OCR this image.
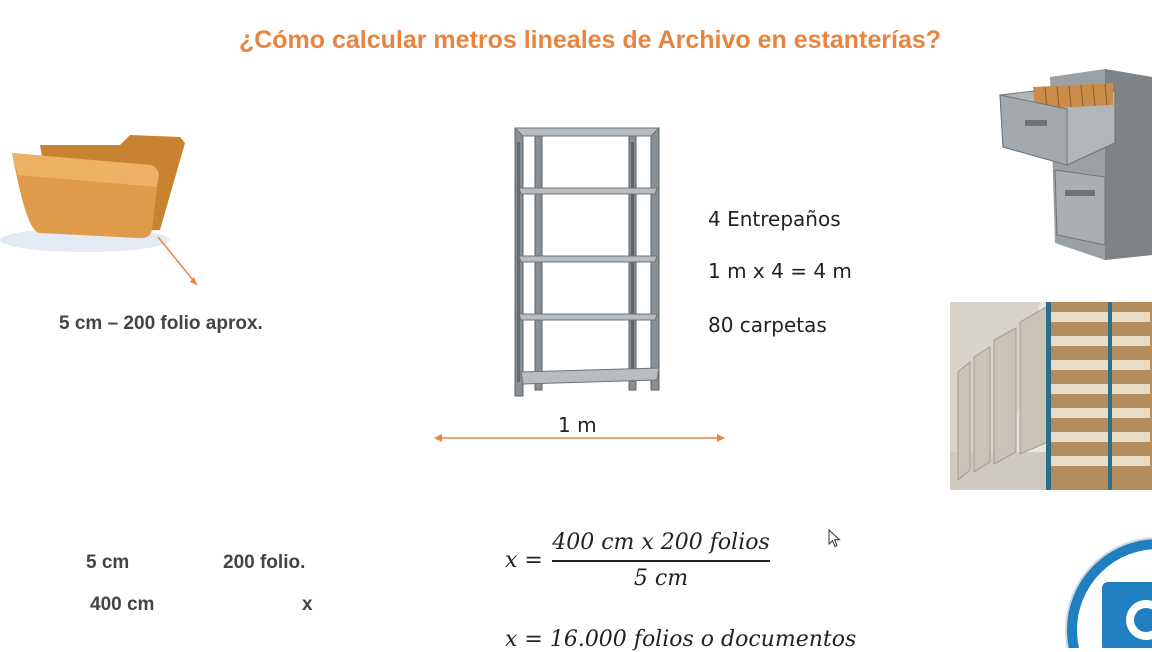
¿Cómo calcular metros lineales de Archivo en estanterías?
5 cm – 200 folio aprox.
4 Entrepaños
1 m x 4 = 4 m
80 carpetas
1 m
5 cm	200 folio.
400 cm	x
x =
400 cm x 200 folios
5 cm
x = 16.000 folios o documentos
